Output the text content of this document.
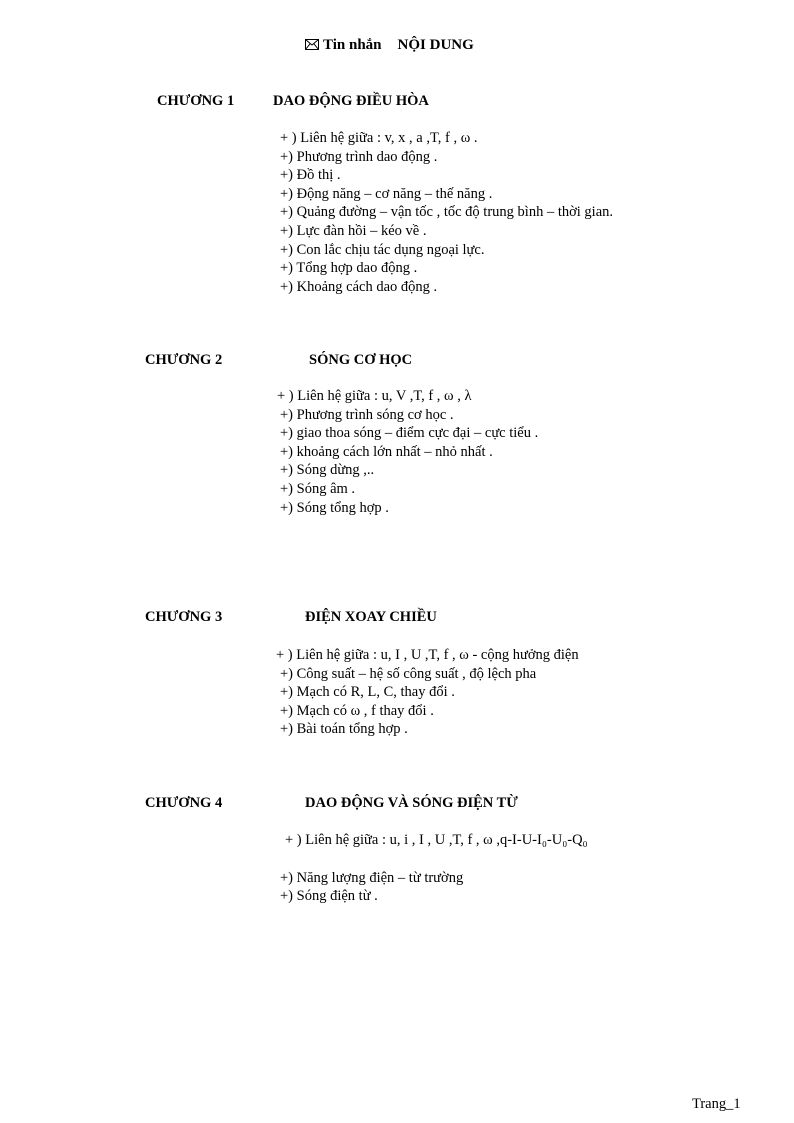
Tin nhắn NỘI DUNG
CHƯƠNG 1	DAO ĐỘNG ĐIỀU HÒA
+ ) Liên hệ giữa : v, x , a ,T, f , ω .
+) Phương trình dao động .
+) Đồ thị .
+) Động năng – cơ năng – thế năng .
+) Quảng đường – vận tốc , tốc độ trung bình – thời gian.
+) Lực đàn hồi – kéo về .
+) Con lắc chịu tác dụng ngoại lực.
+) Tổng hợp dao động .
+) Khoảng cách dao động .
CHƯƠNG 2	SÓNG CƠ HỌC
+ ) Liên hệ giữa : u, V ,T, f , ω , λ
+) Phương trình sóng cơ học .
+) giao thoa sóng – điểm cực đại – cực tiểu .
+) khoảng cách lớn nhất – nhỏ nhất .
+) Sóng dừng ,..
+) Sóng âm .
+) Sóng tổng hợp .
CHƯƠNG 3	ĐIỆN XOAY CHIỀU
+ ) Liên hệ giữa : u, I , U ,T, f , ω - cộng hưởng điện
+) Công suất – hệ số công suất , độ lệch pha
+) Mạch có R, L, C, thay đổi .
+) Mạch có ω , f thay đổi .
+) Bài toán tổng hợp .
CHƯƠNG 4	DAO ĐỘNG VÀ SÓNG ĐIỆN TỪ
+ ) Liên hệ giữa : u, i , I , U ,T, f , ω ,q-I-U-I₀-U₀-Q₀
+) Năng lượng điện – từ trường
+) Sóng điện từ .
Trang_1
